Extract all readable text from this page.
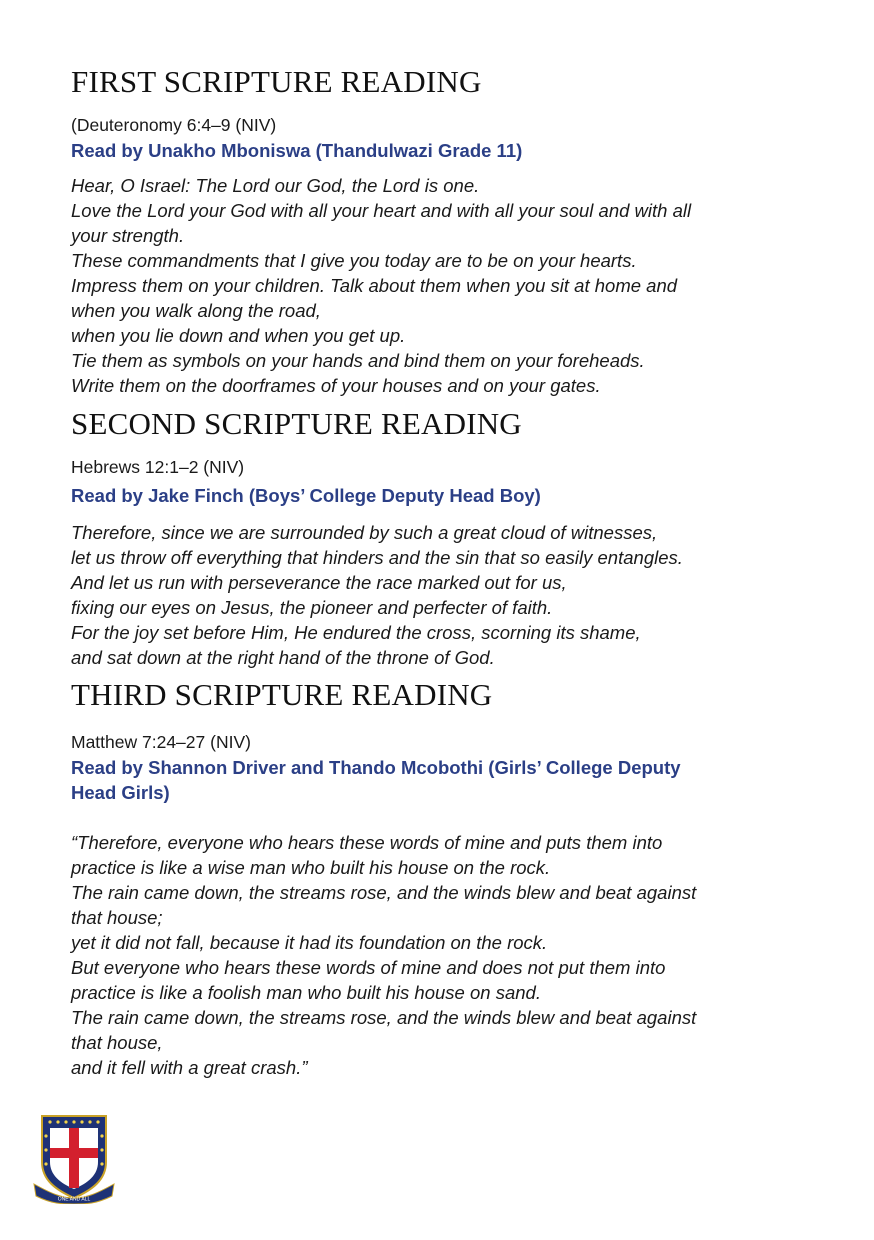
FIRST SCRIPTURE READING
(Deuteronomy 6:4–9 (NIV)
Read by Unakho Mboniswa (Thandulwazi Grade 11)
Hear, O Israel: The Lord our God, the Lord is one.
Love the Lord your God with all your heart and with all your soul and with all
your strength.
These commandments that I give you today are to be on your hearts.
Impress them on your children. Talk about them when you sit at home and
when you walk along the road,
when you lie down and when you get up.
Tie them as symbols on your hands and bind them on your foreheads.
Write them on the doorframes of your houses and on your gates.
SECOND SCRIPTURE READING
Hebrews 12:1–2 (NIV)
Read by Jake Finch (Boys’ College Deputy Head Boy)
Therefore, since we are surrounded by such a great cloud of witnesses,
let us throw off everything that hinders and the sin that so easily entangles.
And let us run with perseverance the race marked out for us,
fixing our eyes on Jesus, the pioneer and perfecter of faith.
For the joy set before Him, He endured the cross, scorning its shame,
and sat down at the right hand of the throne of God.
THIRD SCRIPTURE READING
Matthew 7:24–27 (NIV)
Read by Shannon Driver and Thando Mcobothi (Girls’ College Deputy
Head Girls)
“Therefore, everyone who hears these words of mine and puts them into
practice is like a wise man who built his house on the rock.
The rain came down, the streams rose, and the winds blew and beat against
that house;
yet it did not fall, because it had its foundation on the rock.
But everyone who hears these words of mine and does not put them into
practice is like a foolish man who built his house on sand.
The rain came down, the streams rose, and the winds blew and beat against
that house,
and it fell with a great crash.”
ONE AND ALL
